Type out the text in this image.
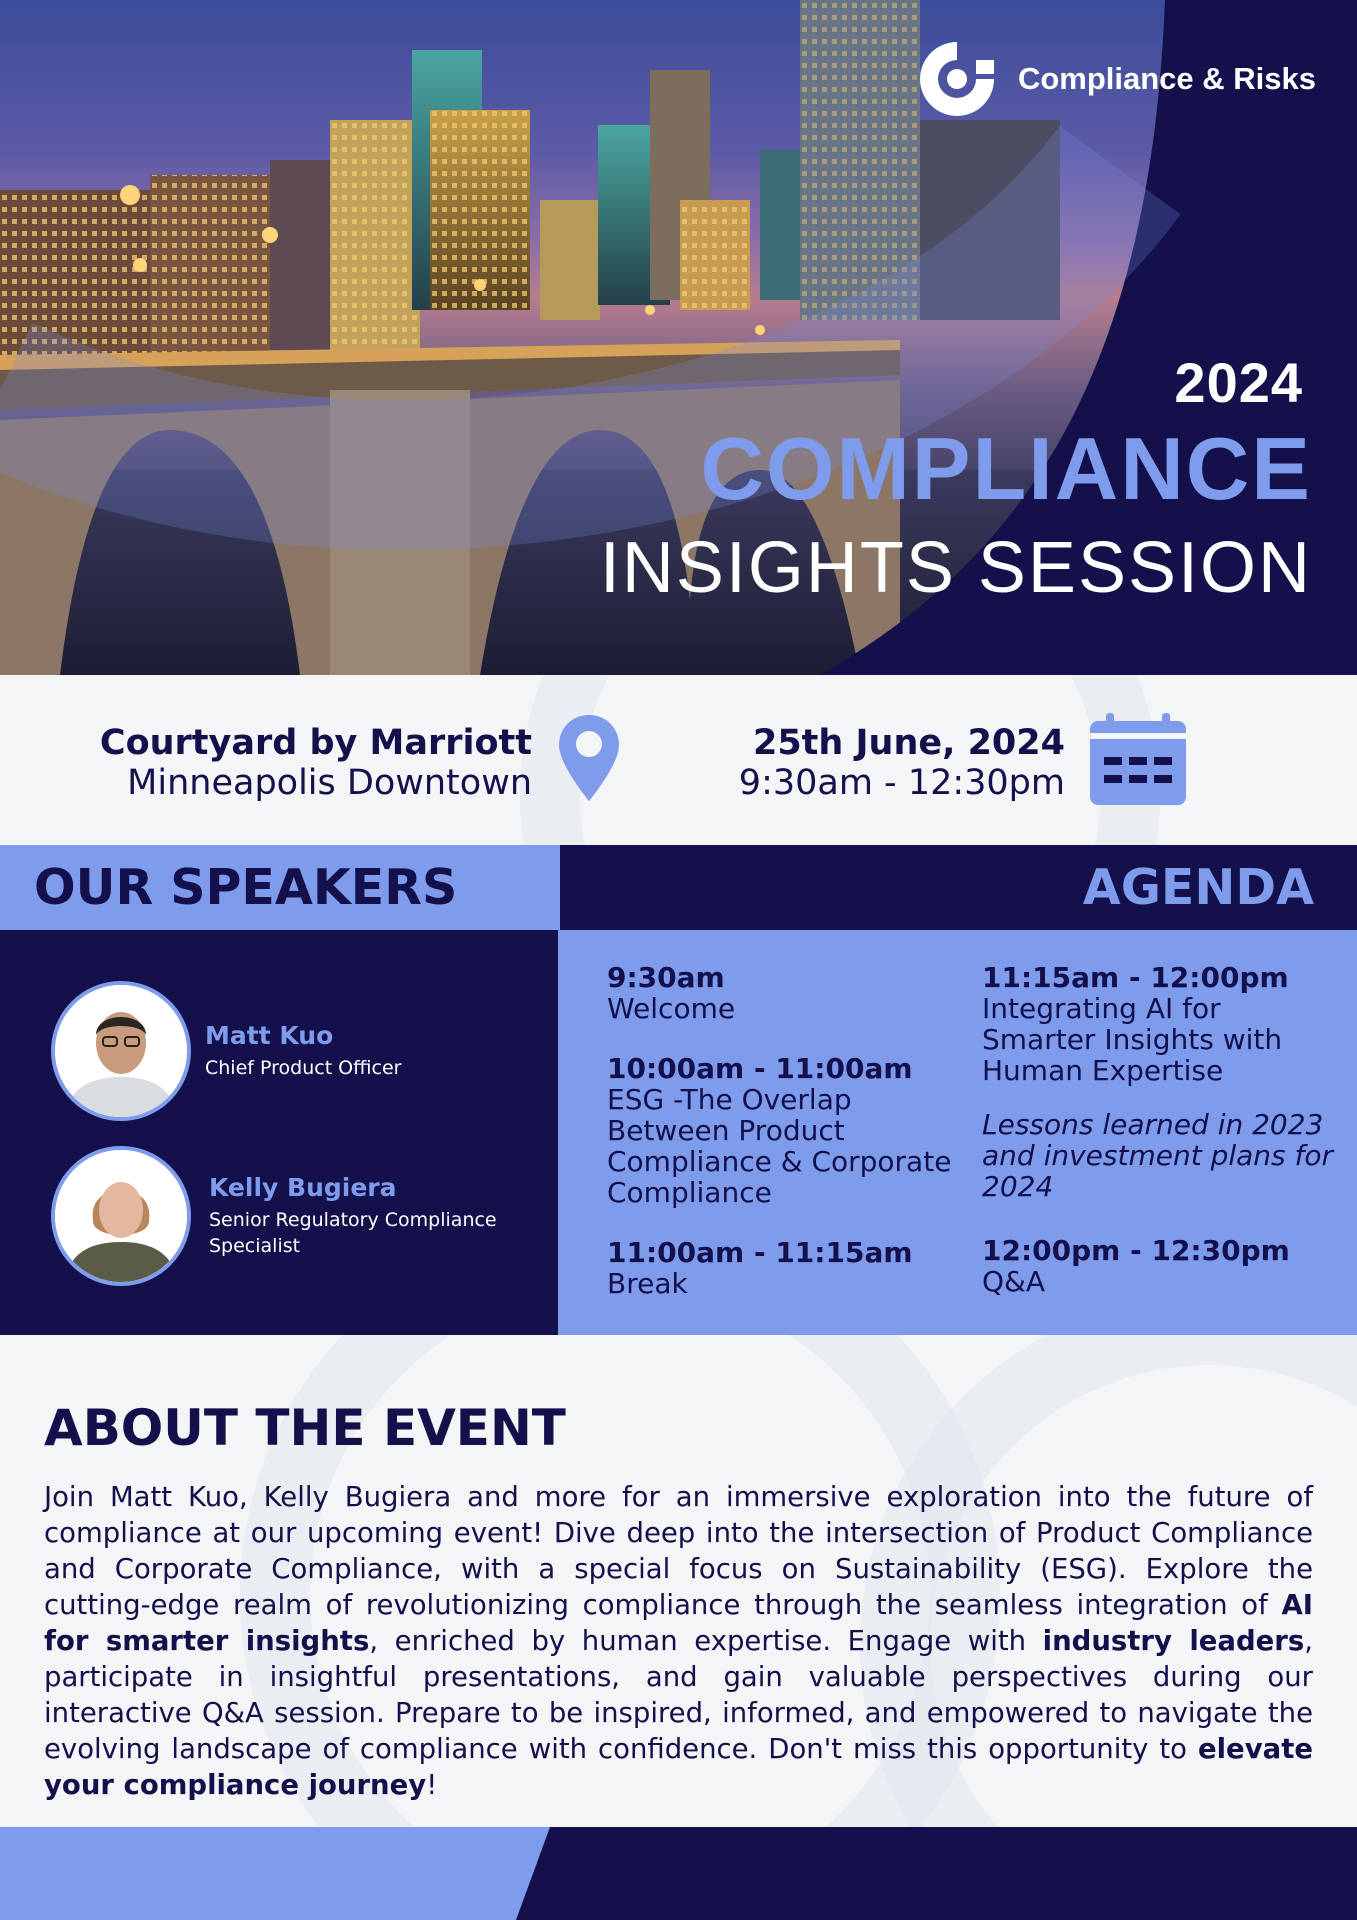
Compliance & Risks
2024
COMPLIANCE
INSIGHTS SESSION
Courtyard by Marriott
Minneapolis Downtown
25th June, 2024
9:30am - 12:30pm
OUR SPEAKERS	AGENDA
Matt Kuo
Chief Product Officer
Kelly Bugiera
Senior Regulatory Compliance
Specialist
9:30am
Welcome
10:00am - 11:00am
ESG -The Overlap
Between Product
Compliance & Corporate
Compliance
11:00am - 11:15am
Break
11:15am - 12:00pm
Integrating AI for
Smarter Insights with
Human Expertise
Lessons learned in 2023
and investment plans for
2024
12:00pm - 12:30pm
Q&A
ABOUT THE EVENT

Join Matt Kuo, Kelly Bugiera and more for an immersive exploration into the future of compliance at our upcoming event! Dive deep into the intersection of Product Compliance and Corporate Compliance, with a special focus on Sustainability (ESG). Explore the cutting-edge realm of revolutionizing compliance through the seamless integration of AI for smarter insights, enriched by human expertise. Engage with industry leaders, participate in insightful presentations, and gain valuable perspectives during our interactive Q&A session. Prepare to be inspired, informed, and empowered to navigate the evolving landscape of compliance with confidence. Don't miss this opportunity to elevate your compliance journey!
